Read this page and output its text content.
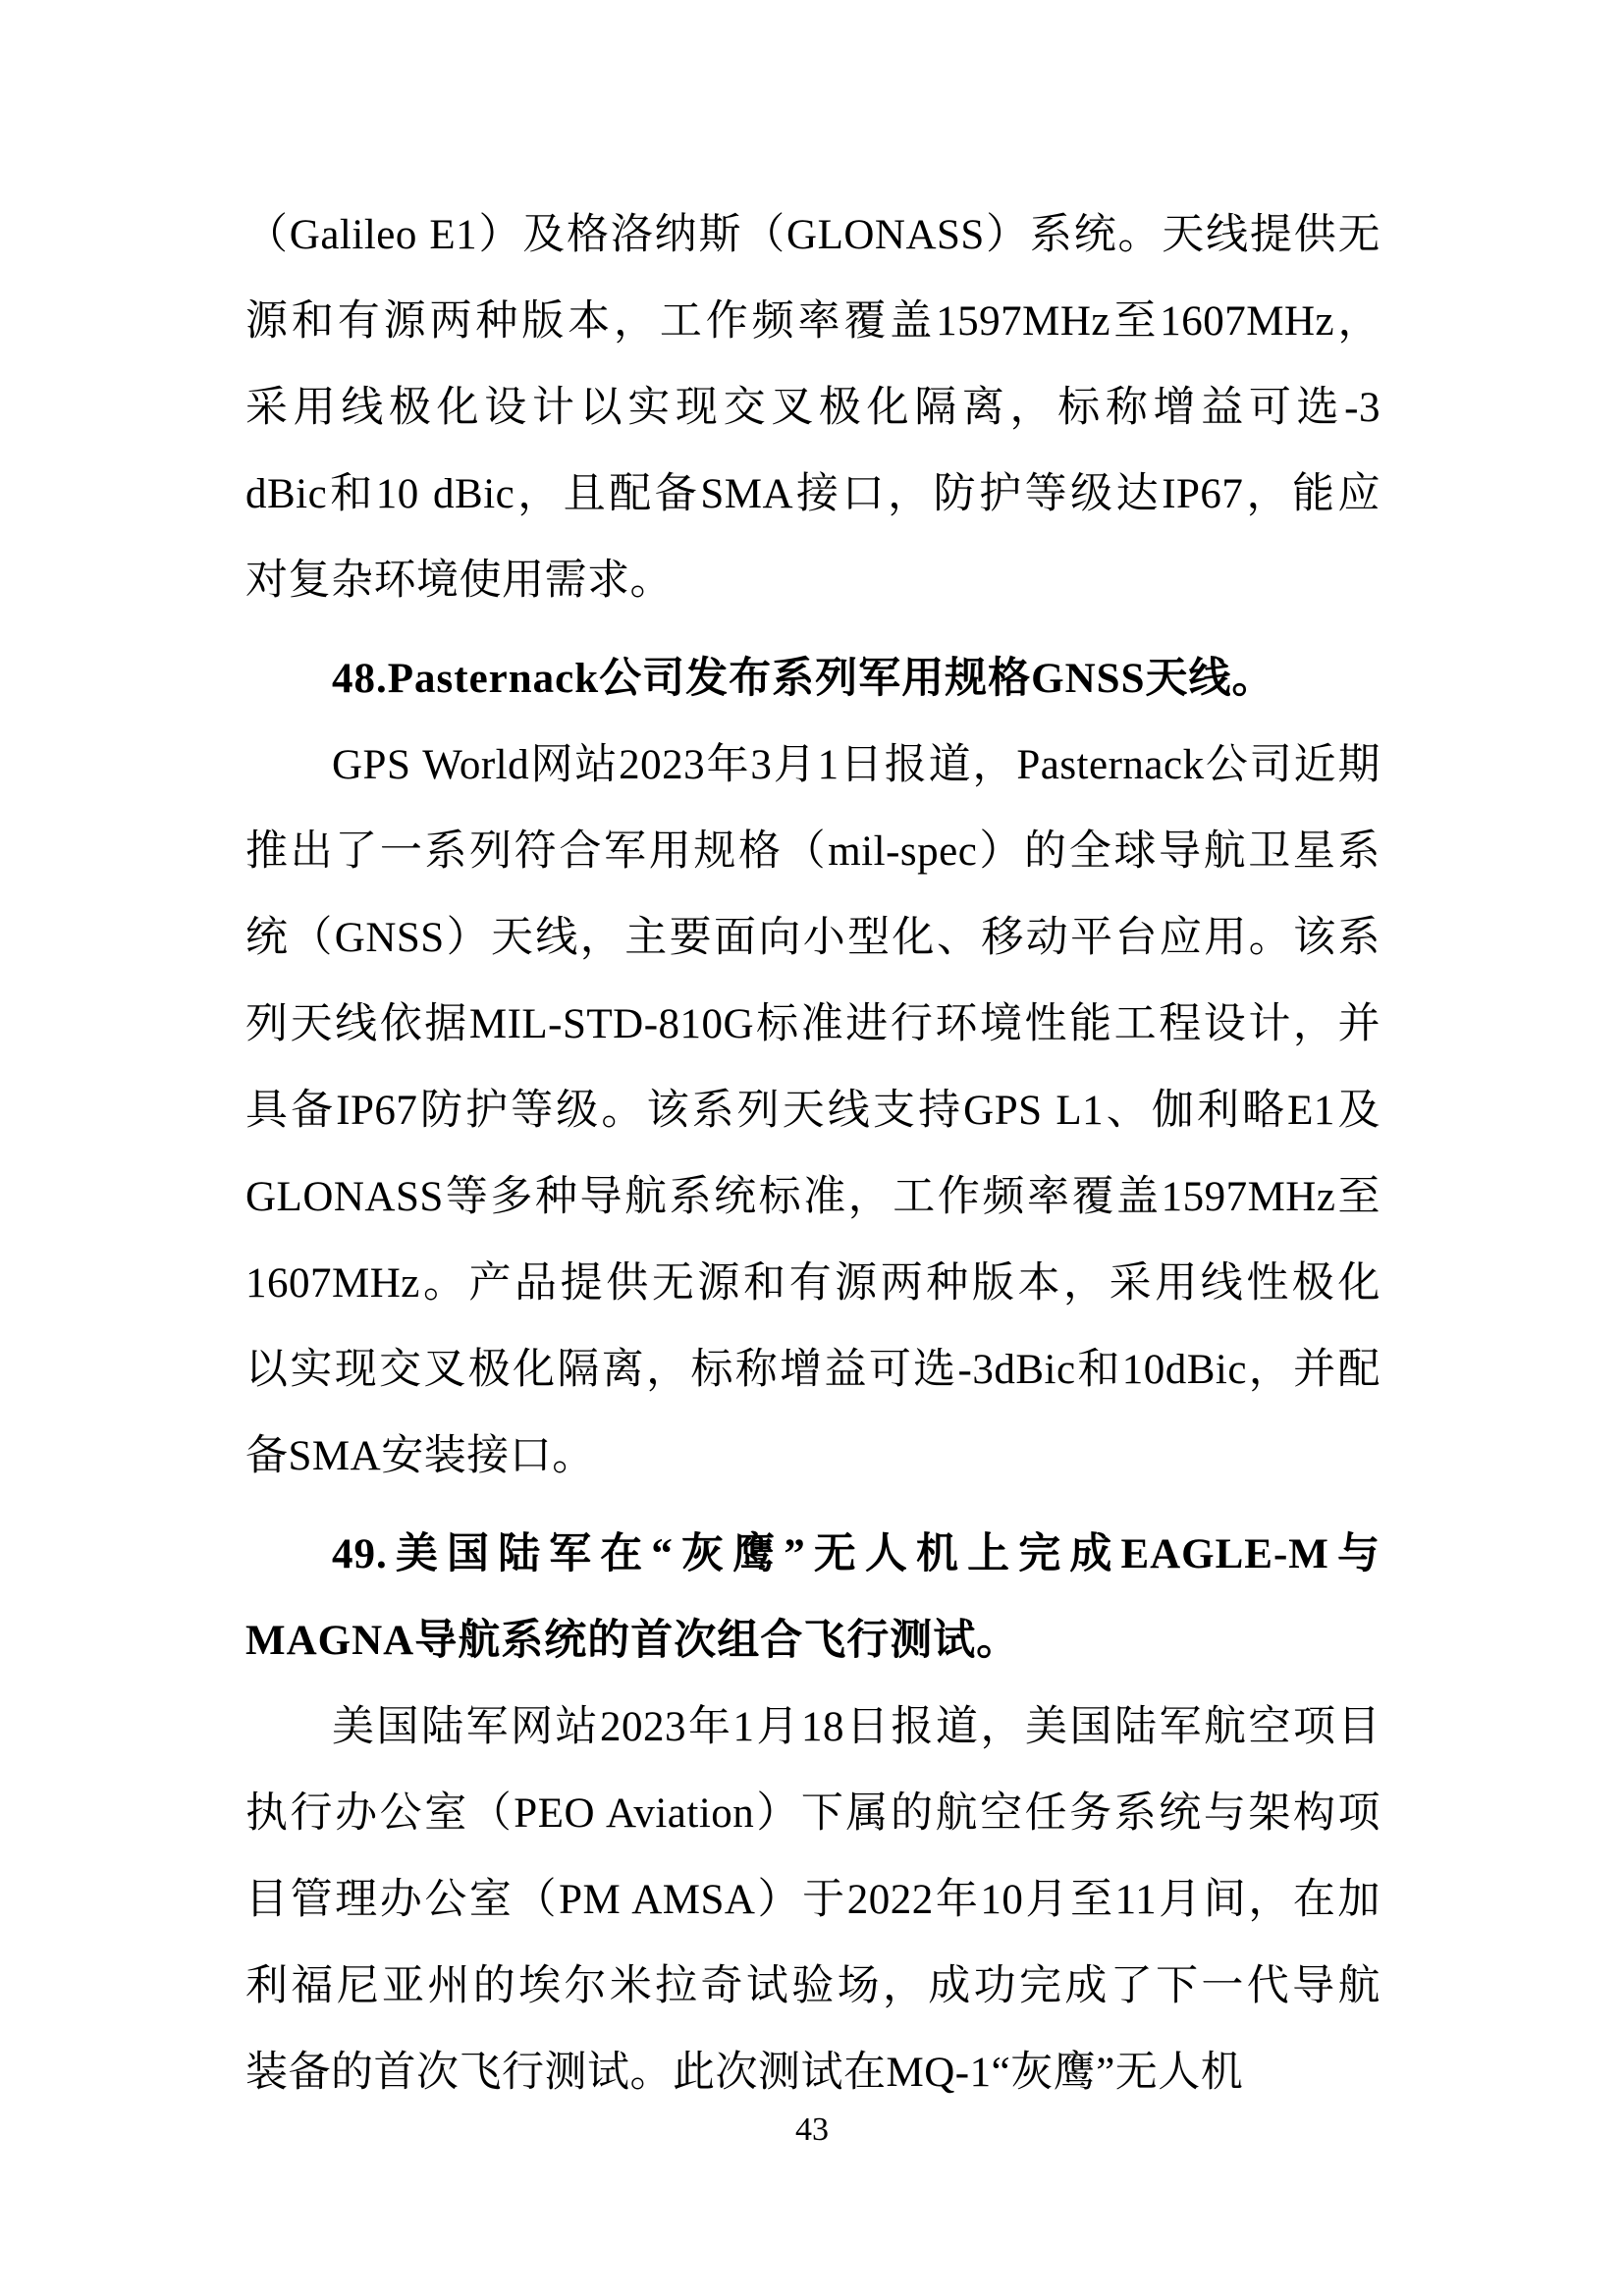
（Galileo E1）及格洛纳斯（GLONASS）系统。天线提供无
源和有源两种版本，工作频率覆盖1597MHz至1607MHz，
采用线极化设计以实现交叉极化隔离，标称增益可选-3
dBic和10 dBic，且配备SMA接口，防护等级达IP67，能应
对复杂环境使用需求。
48.Pasternack公司发布系列军用规格GNSS天线。
GPS World网站2023年3月1日报道，Pasternack公司近期
推出了一系列符合军用规格（mil-spec）的全球导航卫星系
统（GNSS）天线，主要面向小型化、移动平台应用。该系
列天线依据MIL-STD-810G标准进行环境性能工程设计，并
具备IP67防护等级。该系列天线支持GPS L1、伽利略E1及
GLONASS等多种导航系统标准，工作频率覆盖1597MHz至
1607MHz。产品提供无源和有源两种版本，采用线性极化
以实现交叉极化隔离，标称增益可选-3dBic和10dBic，并配
备SMA安装接口。
49.美国陆军在“灰鹰”无人机上完成EAGLE-M与
MAGNA导航系统的首次组合飞行测试。
美国陆军网站2023年1月18日报道，美国陆军航空项目
执行办公室（PEO Aviation）下属的航空任务系统与架构项
目管理办公室（PM AMSA）于2022年10月至11月间，在加
利福尼亚州的埃尔米拉奇试验场，成功完成了下一代导航
装备的首次飞行测试。此次测试在MQ-1“灰鹰”无人机
43
